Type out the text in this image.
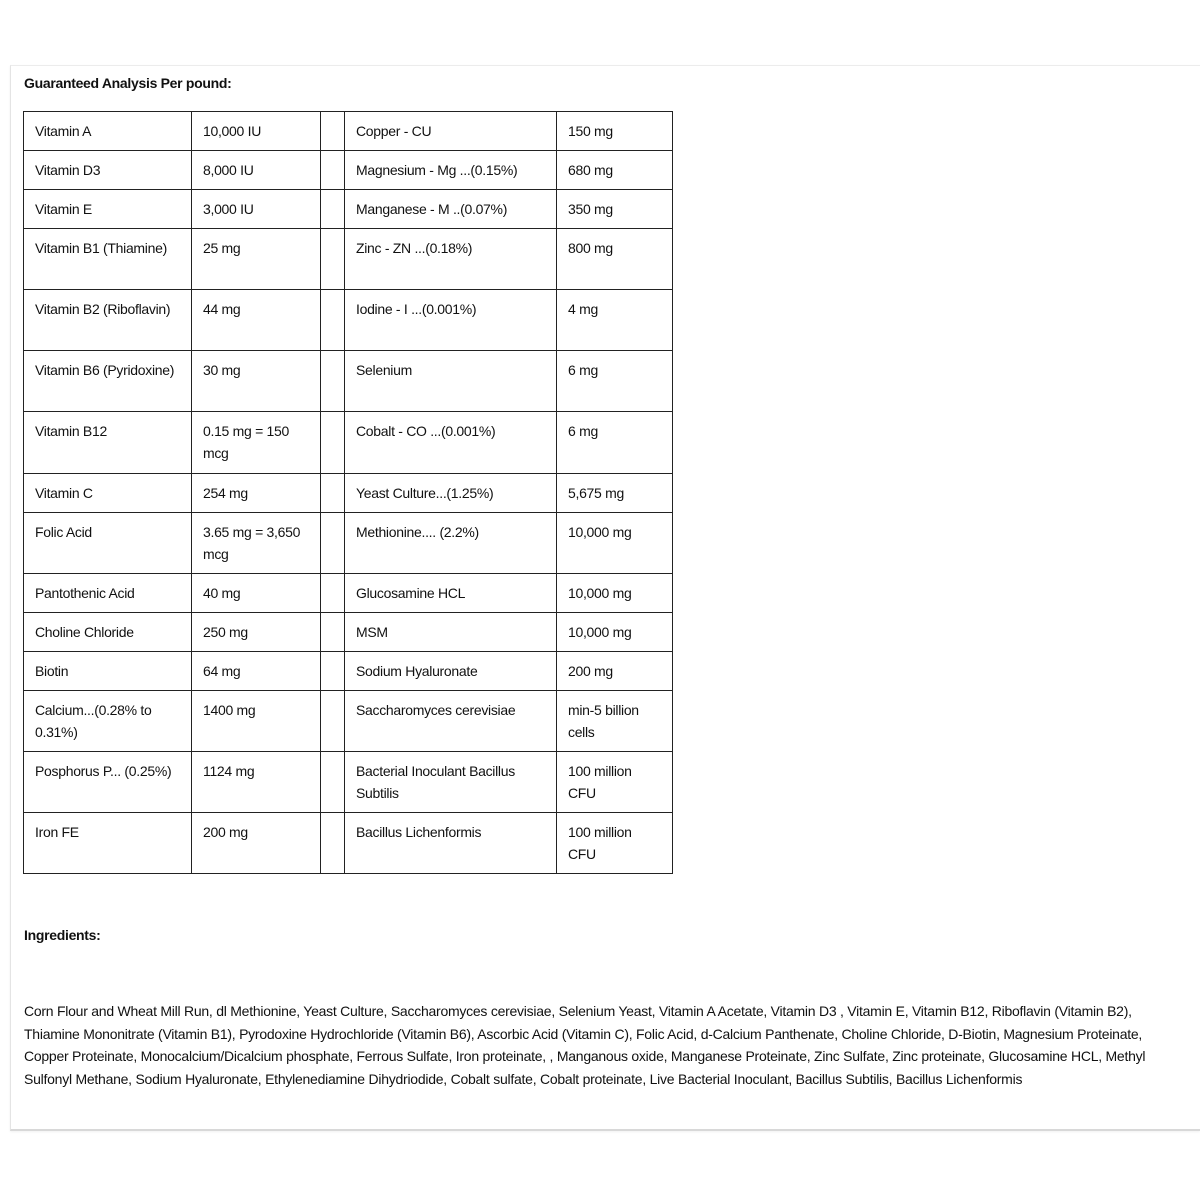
Guaranteed Analysis Per pound:
Vitamin A	10,000 IU		Copper - CU	150 mg
Vitamin D3	8,000 IU		Magnesium - Mg ...(0.15%)	680 mg
Vitamin E	3,000 IU		Manganese - M ..(0.07%)	350 mg
Vitamin B1 (Thiamine)	25 mg		Zinc - ZN ...(0.18%)	800 mg
Vitamin B2 (Riboflavin)	44 mg		Iodine - I ...(0.001%)	4 mg
Vitamin B6 (Pyridoxine)	30 mg		Selenium	6 mg
Vitamin B12	0.15 mg = 150 mcg		Cobalt - CO ...(0.001%)	6 mg
Vitamin C	254 mg		Yeast Culture...(1.25%)	5,675 mg
Folic Acid	3.65 mg = 3,650 mcg		Methionine.... (2.2%)	10,000 mg
Pantothenic Acid	40 mg		Glucosamine HCL	10,000 mg
Choline Chloride	250 mg		MSM	10,000 mg
Biotin	64 mg		Sodium Hyaluronate	200 mg
Calcium...(0.28% to 0.31%)	1400 mg		Saccharomyces cerevisiae	min-5 billion cells
Posphorus P... (0.25%)	1124 mg		Bacterial Inoculant Bacillus Subtilis	100 million CFU
Iron FE	200 mg		Bacillus Lichenformis	100 million CFU
Ingredients:
Corn Flour and Wheat Mill Run, dl Methionine, Yeast Culture, Saccharomyces cerevisiae, Selenium Yeast, Vitamin A Acetate, Vitamin D3 , Vitamin E, Vitamin B12, Riboflavin (Vitamin B2), Thiamine Mononitrate (Vitamin B1), Pyrodoxine Hydrochloride (Vitamin B6), Ascorbic Acid (Vitamin C), Folic Acid, d-Calcium Panthenate, Choline Chloride, D-Biotin, Magnesium Proteinate, Copper Proteinate, Monocalcium/Dicalcium phosphate, Ferrous Sulfate, Iron proteinate, , Manganous oxide, Manganese Proteinate, Zinc Sulfate, Zinc proteinate, Glucosamine HCL, Methyl Sulfonyl Methane, Sodium Hyaluronate, Ethylenediamine Dihydriodide, Cobalt sulfate, Cobalt proteinate, Live Bacterial Inoculant, Bacillus Subtilis, Bacillus Lichenformis
